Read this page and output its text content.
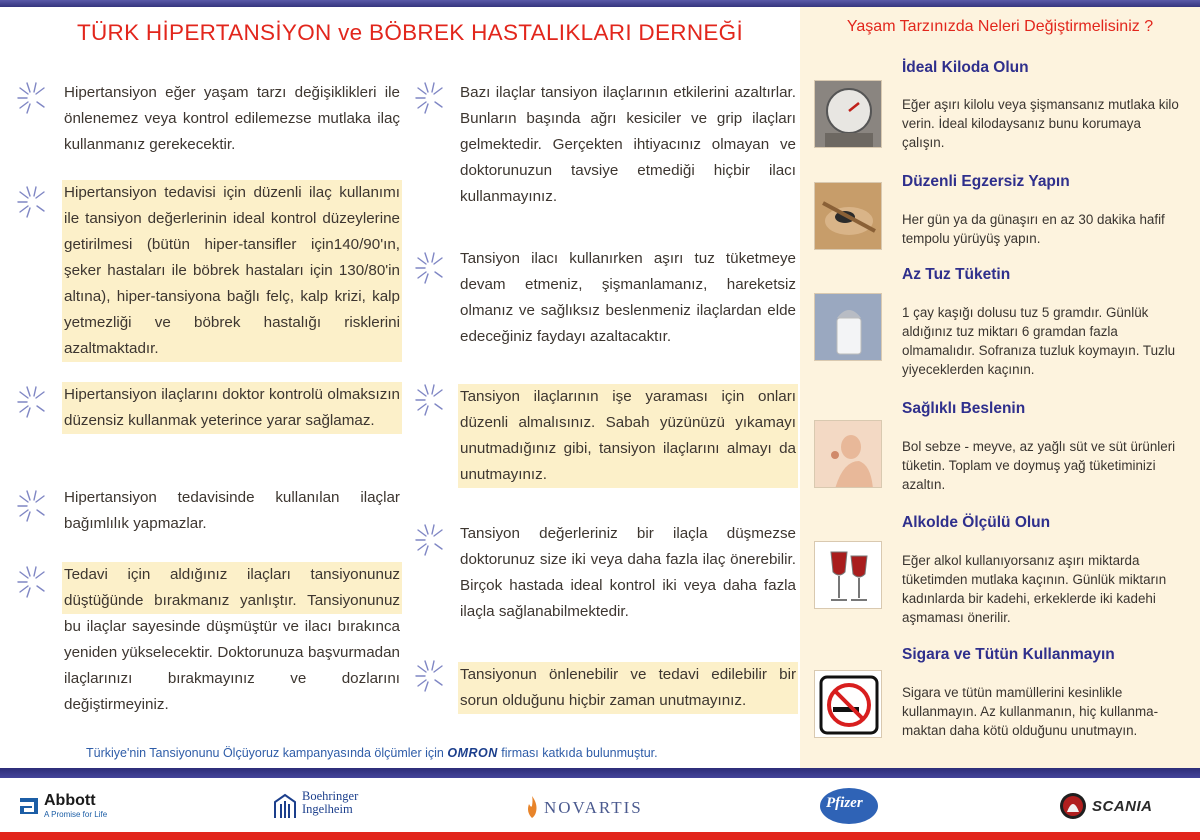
TÜRK HİPERTANSİYON ve BÖBREK HASTALIKLARI DERNEĞİ
Hipertansiyon eğer yaşam tarzı değişiklikleri ile önlenemez veya kontrol edilemezse mutlaka ilaç kullanmanız gerekecektir.
Hipertansiyon tedavisi için düzenli ilaç kullanımı ile tansiyon değerlerinin ideal kontrol düzeylerine getirilmesi (bütün hiper-tansifler için140/90'ın, şeker hastaları ile böbrek hastaları için 130/80'in altına), hiper-tansiyona bağlı felç, kalp krizi, kalp yetmezliği ve böbrek hastalığı risklerini azaltmaktadır.
Hipertansiyon ilaçlarını doktor kontrolü olmaksızın düzensiz kullanmak yeterince yarar sağlamaz.
Hipertansiyon tedavisinde kullanılan ilaçlar bağımlılık yapmazlar.
Tedavi için aldığınız ilaçları tansiyonunuz düştüğünde bırakmanız yanlıştır. Tansiyonunuz bu ilaçlar sayesinde düşmüştür ve ilacı bırakınca yeniden yükselecektir. Doktorunuza başvurmadan ilaçlarınızı bırakmayınız ve dozlarını değiştirmeyiniz.
Bazı ilaçlar tansiyon ilaçlarının etkilerini azaltırlar. Bunların başında ağrı kesiciler ve grip ilaçları gelmektedir. Gerçekten ihtiyacınız olmayan ve doktorunuzun tavsiye etmediği hiçbir ilacı kullanmayınız.
Tansiyon ilacı kullanırken aşırı tuz tüketmeye devam etmeniz, şişmanlamanız, hareketsiz olmanız ve sağlıksız beslenmeniz ilaçlardan elde edeceğiniz faydayı azaltacaktır.
Tansiyon ilaçlarının işe yaraması için onları düzenli almalısınız. Sabah yüzünüzü yıkamayı unutmadığınız gibi, tansiyon ilaçlarını almayı da unutmayınız.
Tansiyon değerleriniz bir ilaçla düşmezse doktorunuz size iki veya daha fazla ilaç önerebilir. Birçok hastada ideal kontrol iki veya daha fazla ilaçla sağlanabilmektedir.
Tansiyonun önlenebilir ve tedavi edilebilir bir sorun olduğunu hiçbir zaman unutmayınız.
Yaşam Tarzınızda Neleri Değiştirmelisiniz ?
İdeal Kiloda Olun
Eğer aşırı kilolu veya şişmansanız mutlaka kilo verin. İdeal kilodaysanız bunu korumaya çalışın.
Düzenli Egzersiz Yapın
Her gün ya da günaşırı en az 30 dakika hafif tempolu yürüyüş yapın.
Az Tuz Tüketin
1 çay kaşığı dolusu tuz 5 gramdır. Günlük aldığınız tuz miktarı 6 gramdan fazla olmamalıdır. Sofranıza tuzluk koymayın. Tuzlu yiyeceklerden kaçının.
Sağlıklı Beslenin
Bol sebze - meyve, az yağlı süt ve süt ürünleri tüketin. Toplam ve doymuş yağ tüketiminizi azaltın.
Alkolde Ölçülü Olun
Eğer alkol kullanıyorsanız aşırı miktarda tüketimden mutlaka kaçının. Günlük miktarın kadınlarda bir kadehi, erkeklerde iki kadehi aşmaması önerilir.
Sigara ve Tütün Kullanmayın
Sigara ve tütün mamüllerini kesinlikle kullanmayın. Az kullanmanın, hiç kullanma-maktan daha kötü olduğunu unutmayın.
Türkiye'nin Tansiyonunu Ölçüyoruz kampanyasında ölçümler için OMRON firması katkıda bulunmuştur.
Abbott
A Promise for Life
Boehringer
Ingelheim	NOVARTIS	Pfizer	SCANIA
